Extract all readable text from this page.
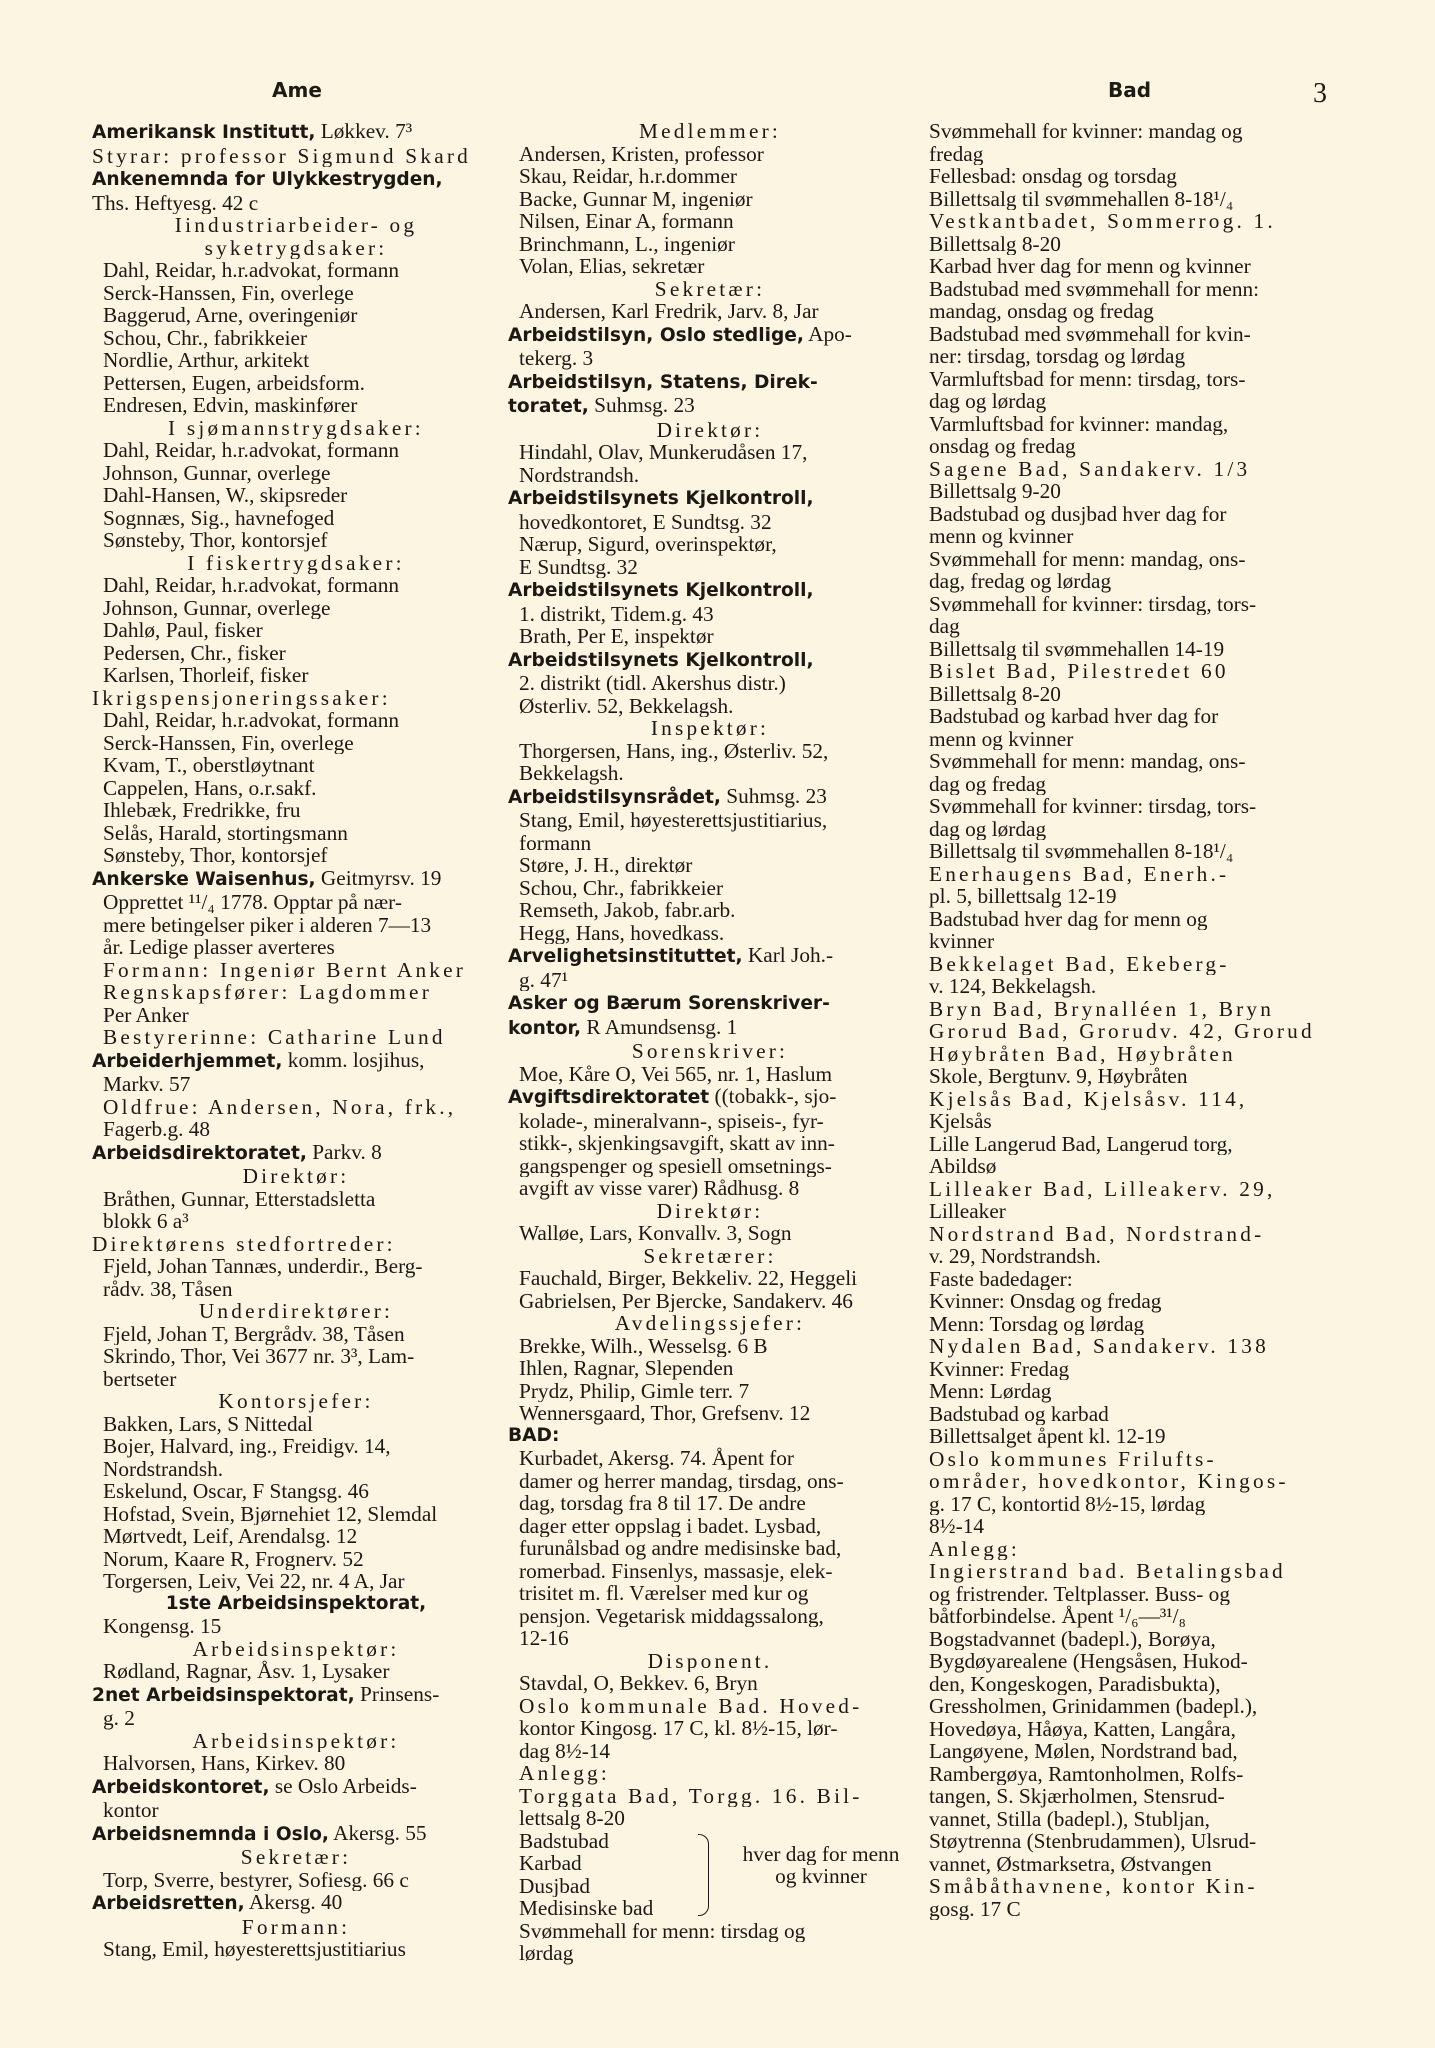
Ame	Bad	3
Amerikansk Institutt, Løkkev. 7³
Styrar: professor Sigmund Skard
Ankenemnda for Ulykkestrygden,
Ths. Heftyesg. 42 c
Iindustriarbeider- og
syketrygdsaker:
Dahl, Reidar, h.r.advokat, formann
Serck-Hanssen, Fin, overlege
Baggerud, Arne, overingeniør
Schou, Chr., fabrikkeier
Nordlie, Arthur, arkitekt
Pettersen, Eugen, arbeidsform.
Endresen, Edvin, maskinfører
I sjømannstrygdsaker:
Dahl, Reidar, h.r.advokat, formann
Johnson, Gunnar, overlege
Dahl-Hansen, W., skipsreder
Sognnæs, Sig., havnefoged
Sønsteby, Thor, kontorsjef
I fiskertrygdsaker:
Dahl, Reidar, h.r.advokat, formann
Johnson, Gunnar, overlege
Dahlø, Paul, fisker
Pedersen, Chr., fisker
Karlsen, Thorleif, fisker
Ikrigspensjoneringssaker:
Dahl, Reidar, h.r.advokat, formann
Serck-Hanssen, Fin, overlege
Kvam, T., oberstløytnant
Cappelen, Hans, o.r.sakf.
Ihlebæk, Fredrikke, fru
Selås, Harald, stortingsmann
Sønsteby, Thor, kontorsjef
Ankerske Waisenhus, Geitmyrsv. 19
Opprettet ¹¹/₄ 1778. Opptar på nær-
mere betingelser piker i alderen 7—13
år. Ledige plasser averteres
Formann: Ingeniør Bernt Anker
Regnskapsfører: Lagdommer
Per Anker
Bestyrerinne: Catharine Lund
Arbeiderhjemmet, komm. losjihus,
Markv. 57
Oldfrue: Andersen, Nora, frk.,
Fagerb.g. 48
Arbeidsdirektoratet, Parkv. 8
Direktør:
Bråthen, Gunnar, Etterstadsletta
blokk 6 a³
Direktørens stedfortreder:
Fjeld, Johan Tannæs, underdir., Berg-
rådv. 38, Tåsen
Underdirektører:
Fjeld, Johan T, Bergrådv. 38, Tåsen
Skrindo, Thor, Vei 3677 nr. 3³, Lam-
bertseter
Kontorsjefer:
Bakken, Lars, S Nittedal
Bojer, Halvard, ing., Freidigv. 14,
Nordstrandsh.
Eskelund, Oscar, F Stangsg. 46
Hofstad, Svein, Bjørnehiet 12, Slemdal
Mørtvedt, Leif, Arendalsg. 12
Norum, Kaare R, Frognerv. 52
Torgersen, Leiv, Vei 22, nr. 4 A, Jar
1ste Arbeidsinspektorat,
Kongensg. 15
Arbeidsinspektør:
Rødland, Ragnar, Åsv. 1, Lysaker
2net Arbeidsinspektorat, Prinsens-
g. 2
Arbeidsinspektør:
Halvorsen, Hans, Kirkev. 80
Arbeidskontoret, se Oslo Arbeids-
kontor
Arbeidsnemnda i Oslo, Akersg. 55
Sekretær:
Torp, Sverre, bestyrer, Sofiesg. 66 c
Arbeidsretten, Akersg. 40
Formann:
Stang, Emil, høyesterettsjustitiarius
Medlemmer:
Andersen, Kristen, professor
Skau, Reidar, h.r.dommer
Backe, Gunnar M, ingeniør
Nilsen, Einar A, formann
Brinchmann, L., ingeniør
Volan, Elias, sekretær
Sekretær:
Andersen, Karl Fredrik, Jarv. 8, Jar
Arbeidstilsyn, Oslo stedlige, Apo-
tekerg. 3
Arbeidstilsyn, Statens, Direk-
toratet, Suhmsg. 23
Direktør:
Hindahl, Olav, Munkerudåsen 17,
Nordstrandsh.
Arbeidstilsynets Kjelkontroll,
hovedkontoret, E Sundtsg. 32
Nærup, Sigurd, overinspektør,
E Sundtsg. 32
Arbeidstilsynets Kjelkontroll,
1. distrikt, Tidem.g. 43
Brath, Per E, inspektør
Arbeidstilsynets Kjelkontroll,
2. distrikt (tidl. Akershus distr.)
Østerliv. 52, Bekkelagsh.
Inspektør:
Thorgersen, Hans, ing., Østerliv. 52,
Bekkelagsh.
Arbeidstilsynsrådet, Suhmsg. 23
Stang, Emil, høyesterettsjustitiarius,
formann
Støre, J. H., direktør
Schou, Chr., fabrikkeier
Remseth, Jakob, fabr.arb.
Hegg, Hans, hovedkass.
Arvelighetsinstituttet, Karl Joh.-
g. 47¹
Asker og Bærum Sorenskriver-
kontor, R Amundsensg. 1
Sorenskriver:
Moe, Kåre O, Vei 565, nr. 1, Haslum
Avgiftsdirektoratet ((tobakk-, sjo-
kolade-, mineralvann-, spiseis-, fyr-
stikk-, skjenkingsavgift, skatt av inn-
gangspenger og spesiell omsetnings-
avgift av visse varer) Rådhusg. 8
Direktør:
Walløe, Lars, Konvallv. 3, Sogn
Sekretærer:
Fauchald, Birger, Bekkeliv. 22, Heggeli
Gabrielsen, Per Bjercke, Sandakerv. 46
Avdelingssjefer:
Brekke, Wilh., Wesselsg. 6 B
Ihlen, Ragnar, Slependen
Prydz, Philip, Gimle terr. 7
Wennersgaard, Thor, Grefsenv. 12
BAD:
Kurbadet, Akersg. 74. Åpent for
damer og herrer mandag, tirsdag, ons-
dag, torsdag fra 8 til 17. De andre
dager etter oppslag i badet. Lysbad,
furunålsbad og andre medisinske bad,
romerbad. Finsenlys, massasje, elek-
trisitet m. fl. Værelser med kur og
pensjon. Vegetarisk middagssalong,
12-16
Disponent.
Stavdal, O, Bekkev. 6, Bryn
Oslo kommunale Bad. Hoved-
kontor Kingosg. 17 C, kl. 8½-15, lør-
dag 8½-14
Anlegg:
Torggata Bad, Torgg. 16. Bil-
lettsalg 8-20
Badstubad
Karbad
Dusjbad
Medisinske bad
hver dag for menn
og kvinner
Svømmehall for menn: tirsdag og
lørdag
Svømmehall for kvinner: mandag og
fredag
Fellesbad: onsdag og torsdag
Billettsalg til svømmehallen 8-18¹/₄
Vestkantbadet, Sommerrog. 1.
Billettsalg 8-20
Karbad hver dag for menn og kvinner
Badstubad med svømmehall for menn:
mandag, onsdag og fredag
Badstubad med svømmehall for kvin-
ner: tirsdag, torsdag og lørdag
Varmluftsbad for menn: tirsdag, tors-
dag og lørdag
Varmluftsbad for kvinner: mandag,
onsdag og fredag
Sagene Bad, Sandakerv. 1/3
Billettsalg 9-20
Badstubad og dusjbad hver dag for
menn og kvinner
Svømmehall for menn: mandag, ons-
dag, fredag og lørdag
Svømmehall for kvinner: tirsdag, tors-
dag
Billettsalg til svømmehallen 14-19
Bislet Bad, Pilestredet 60
Billettsalg 8-20
Badstubad og karbad hver dag for
menn og kvinner
Svømmehall for menn: mandag, ons-
dag og fredag
Svømmehall for kvinner: tirsdag, tors-
dag og lørdag
Billettsalg til svømmehallen 8-18¹/₄
Enerhaugens Bad, Enerh.-
pl. 5, billettsalg 12-19
Badstubad hver dag for menn og
kvinner
Bekkelaget Bad, Ekeberg-
v. 124, Bekkelagsh.
Bryn Bad, Brynalléen 1, Bryn
Grorud Bad, Grorudv. 42, Grorud
Høybråten Bad, Høybråten
Skole, Bergtunv. 9, Høybråten
Kjelsås Bad, Kjelsåsv. 114,
Kjelsås
Lille Langerud Bad, Langerud torg,
Abildsø
Lilleaker Bad, Lilleakerv. 29,
Lilleaker
Nordstrand Bad, Nordstrand-
v. 29, Nordstrandsh.
Faste badedager:
Kvinner: Onsdag og fredag
Menn: Torsdag og lørdag
Nydalen Bad, Sandakerv. 138
Kvinner: Fredag
Menn: Lørdag
Badstubad og karbad
Billettsalget åpent kl. 12-19
Oslo kommunes Frilufts-
områder, hovedkontor, Kingos-
g. 17 C, kontortid 8½-15, lørdag
8½-14
Anlegg:
Ingierstrand bad. Betalingsbad
og fristrender. Teltplasser. Buss- og
båtforbindelse. Åpent ¹/₆—³¹/₈
Bogstadvannet (badepl.), Borøya,
Bygdøyarealene (Hengsåsen, Hukod-
den, Kongeskogen, Paradisbukta),
Gressholmen, Grinidammen (badepl.),
Hovedøya, Håøya, Katten, Langåra,
Langøyene, Mølen, Nordstrand bad,
Rambergøya, Ramtonholmen, Rolfs-
tangen, S. Skjærholmen, Stensrud-
vannet, Stilla (badepl.), Stubljan,
Støytrenna (Stenbrudammen), Ulsrud-
vannet, Østmarksetra, Østvangen
Småbåthavnene, kontor Kin-
gosg. 17 C
